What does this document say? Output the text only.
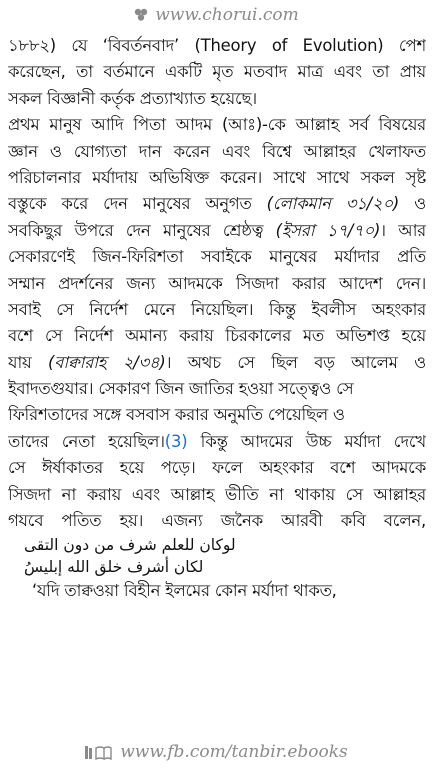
www.chorui.com
১৮৮২) যে ‘বিবর্তনবাদ’ (Theory of Evolution) পেশ
করেছেন, তা বর্তমানে একটি মৃত মতবাদ মাত্র এবং তা প্রায়
সকল বিজ্ঞানী কর্তৃক প্রত্যাখ্যাত হয়েছে।
প্রথম মানুষ আদি পিতা আদম (আঃ)-কে আল্লাহ সর্ব বিষয়ের
জ্ঞান ও যোগ্যতা দান করেন এবং বিশ্বে আল্লাহর খেলাফত
পরিচালনার মর্যাদায় অভিষিক্ত করেন। সাথে সাথে সকল সৃষ্ট
বস্তুকে করে দেন মানুষের অনুগত (লোকমান ৩১/২০) ও
সবকিছুর উপরে দেন মানুষের শ্রেষ্ঠত্ব (ইসরা ১৭/৭০)। আর
সেকারণেই জিন-ফিরিশতা সবাইকে মানুষের মর্যাদার প্রতি
সম্মান প্রদর্শনের জন্য আদমকে সিজদা করার আদেশ দেন।
সবাই সে নির্দেশ মেনে নিয়েছিল। কিন্তু ইবলীস অহংকার
বশে সে নির্দেশ অমান্য করায় চিরকালের মত অভিশপ্ত হয়ে
যায় (বাক্বারাহ ২/৩৪)। অথচ সে ছিল বড় আলেম ও
ইবাদতগুযার। সেকারণ জিন জাতির হওয়া সত্ত্বেও সে
ফিরিশতাদের সঙ্গে বসবাস করার অনুমতি পেয়েছিল ও
তাদের নেতা হয়েছিল।(3) কিন্তু আদমের উচ্চ মর্যাদা দেখে
সে ঈর্ষাকাতর হয়ে পড়ে। ফলে অহংকার বশে আদমকে
সিজদা না করায় এবং আল্লাহ ভীতি না থাকায় সে আল্লাহর
গযবে পতিত হয়। এজন্য জনৈক আরবী কবি বলেন,
لوكان للعلم شرف من دون التقى
لكان أشرف خلق الله إبليسُ
‘যদি তাক্বওয়া বিহীন ইলমের কোন মর্যাদা থাকত,
www.fb.com/tanbir.ebooks
